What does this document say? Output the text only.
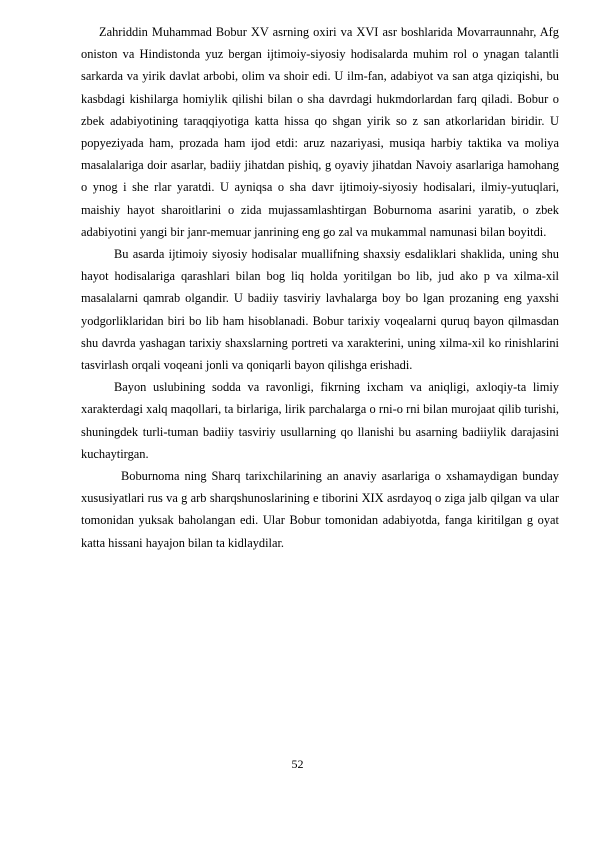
Zahriddin Muhammad Bobur XV asrning oxiri va XVI asr boshlarida Movarraunnahr, Afg oniston va Hindistonda yuz bergan ijtimoiy-siyosiy hodisalarda muhim rol o ynagan talantli sarkarda va yirik davlat arbobi, olim va shoir edi. U ilm-fan, adabiyot va san atga qiziqishi, bu kasbdagi kishilarga homiylik qilishi bilan o sha davrdagi hukmdorlardan farq qiladi. Bobur o zbek adabiyotining taraqqiyotiga katta hissa qo shgan yirik so z san atkorlaridan biridir. U popyeziyada ham, prozada ham ijod etdi: aruz nazariyasi, musiqa harbiy taktika va moliya masalalariga doir asarlar, badiiy jihatdan pishiq, g oyaviy jihatdan Navoiy asarlariga hamohang o ynog i she rlar yaratdi. U ayniqsa o sha davr ijtimoiy-siyosiy hodisalari, ilmiy-yutuqlari, maishiy hayot sharoitlarini o zida mujassamlashtirgan Boburnoma asarini yaratib, o zbek adabiyotini yangi bir janr-memuar janrining eng go zal va mukammal namunasi bilan boyitdi.

Bu asarda ijtimoiy siyosiy hodisalar muallifning shaxsiy esdaliklari shaklida, uning shu hayot hodisalariga qarashlari bilan bog liq holda yoritilgan bo lib, jud ako p va xilma-xil masalalarni qamrab olgandir. U badiiy tasviriy lavhalarga boy bo lgan prozaning eng yaxshi yodgorliklaridan biri bo lib ham hisoblanadi. Bobur tarixiy voqealarni quruq bayon qilmasdan shu davrda yashagan tarixiy shaxslarning portreti va xarakterini, uning xilma-xil ko rinishlarini tasvirlash orqali voqeani jonli va qoniqarli bayon qilishga erishadi.

Bayon uslubining sodda va ravonligi, fikrning ixcham va aniqligi, axloqiy-ta limiy xarakterdagi xalq maqollari, ta birlariga, lirik parchalarga o rni-o rni bilan murojaat qilib turishi, shuningdek turli-tuman badiiy tasviriy usullarning qo llanishi bu asarning badiiylik darajasini kuchaytirgan.

Boburnoma ning Sharq tarixchilarining an anaviy asarlariga o xshamaydigan bunday xususiyatlari rus va g arb sharqshunoslarining e tiborini XIX asrdayoq o ziga jalb qilgan va ular tomonidan yuksak baholangan edi. Ular Bobur tomonidan adabiyotda, fanga kiritilgan g oyat katta hissani hayajon bilan ta kidlaydilar.

52
